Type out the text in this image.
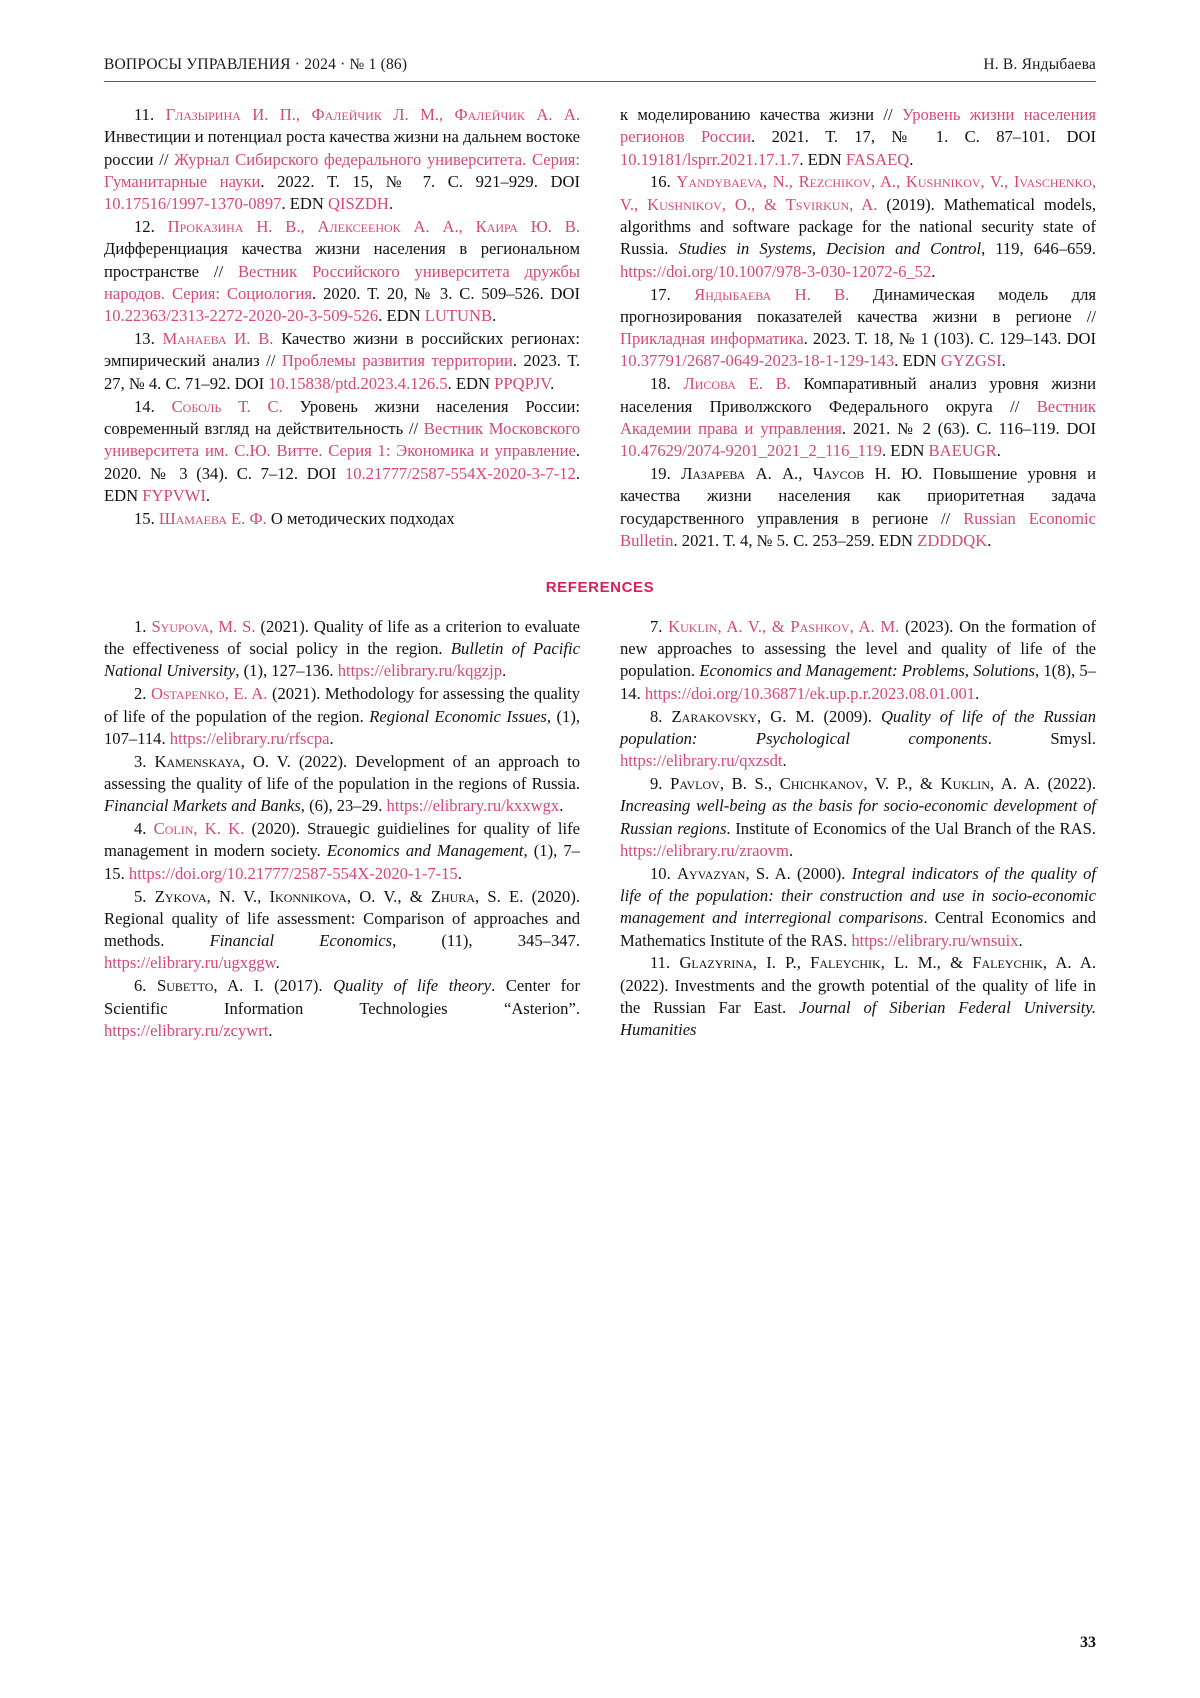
ВОПРОСЫ УПРАВЛЕНИЯ · 2024 · № 1 (86)	Н. В. Яндыбаева

11. Глазырина И. П., Фалейчик Л. М., Фалейчик А. А. Инвестиции и потенциал роста качества жизни на дальнем востоке россии // Журнал Сибирского федерального университета. Серия: Гуманитарные науки. 2022. Т. 15, № 7. С. 921–929. DOI 10.17516/1997-1370-0897. EDN QISZDH.

12. Проказина Н. В., Алексеенок А. А., Каира Ю. В. Дифференциация качества жизни населения в региональном пространстве // Вестник Российского университета дружбы народов. Серия: Социология. 2020. Т. 20, № 3. С. 509–526. DOI 10.22363/2313-2272-2020-20-3-509-526. EDN LUTUNB.

13. Манаева И. В. Качество жизни в российских регионах: эмпирический анализ // Проблемы развития территории. 2023. Т. 27, № 4. С. 71–92. DOI 10.15838/ptd.2023.4.126.5. EDN PPQPJV.

14. Соболь Т. С. Уровень жизни населения России: современный взгляд на действительность // Вестник Московского университета им. С.Ю. Витте. Серия 1: Экономика и управление. 2020. № 3 (34). С. 7–12. DOI 10.21777/2587-554X-2020-3-7-12. EDN FYPVWI.

15. Шамаева Е. Ф. О методических подходах

к моделированию качества жизни // Уровень жизни населения регионов России. 2021. Т. 17, № 1. С. 87–101. DOI 10.19181/lsprr.2021.17.1.7. EDN FASAEQ.

16. Yandybaeva, N., Rezchikov, A., Kushnikov, V., Ivaschenko, V., Kushnikov, O., & Tsvirkun, A. (2019). Mathematical models, algorithms and software package for the national security state of Russia. Studies in Systems, Decision and Control, 119, 646–659. https://doi.org/10.1007/978-3-030-12072-6_52.

17. Яндыбаева Н. В. Динамическая модель для прогнозирования показателей качества жизни в регионе // Прикладная информатика. 2023. Т. 18, № 1 (103). С. 129–143. DOI 10.37791/2687-0649-2023-18-1-129-143. EDN GYZGSI.

18. Лисова Е. В. Компаративный анализ уровня жизни населения Приволжского Федерального округа // Вестник Академии права и управления. 2021. № 2 (63). С. 116–119. DOI 10.47629/2074-9201_2021_2_116_119. EDN BAEUGR.

19. Лазарева А. А., Чаусов Н. Ю. Повышение уровня и качества жизни населения как приоритетная задача государственного управления в регионе // Russian Economic Bulletin. 2021. Т. 4, № 5. С. 253–259. EDN ZDDDQK.

REFERENCES

1. Syupova, M. S. (2021). Quality of life as a criterion to evaluate the effectiveness of social policy in the region. Bulletin of Pacific National University, (1), 127–136. https://elibrary.ru/kqgzjp.

2. Ostapenko, E. A. (2021). Methodology for assessing the quality of life of the population of the region. Regional Economic Issues, (1), 107–114. https://elibrary.ru/rfscpa.

3. Kamenskaya, O. V. (2022). Development of an approach to assessing the quality of life of the population in the regions of Russia. Financial Markets and Banks, (6), 23–29. https://elibrary.ru/kxxwgx.

4. Colin, K. K. (2020). Strauegic guidielines for quality of life management in modern society. Economics and Management, (1), 7–15. https://doi.org/10.21777/2587-554X-2020-1-7-15.

5. Zykova, N. V., Ikonnikova, O. V., & Zhura, S. E. (2020). Regional quality of life assessment: Comparison of approaches and methods. Financial Economics, (11), 345–347. https://elibrary.ru/ugxggw.

6. Subetto, A. I. (2017). Quality of life theory. Center for Scientific Information Technologies “Asterion”. https://elibrary.ru/zcywrt.

7. Kuklin, A. V., & Pashkov, A. M. (2023). On the formation of new approaches to assessing the level and quality of life of the population. Economics and Management: Problems, Solutions, 1(8), 5–14. https://doi.org/10.36871/ek.up.p.r.2023.08.01.001.

8. Zarakovsky, G. M. (2009). Quality of life of the Russian population: Psychological components. Smysl. https://elibrary.ru/qxzsdt.

9. Pavlov, B. S., Chichkanov, V. P., & Kuklin, A. A. (2022). Increasing well-being as the basis for socio-economic development of Russian regions. Institute of Economics of the Ual Branch of the RAS. https://elibrary.ru/zraovm.

10. Ayvazyan, S. A. (2000). Integral indicators of the quality of life of the population: their construction and use in socio-economic management and interregional comparisons. Central Economics and Mathematics Institute of the RAS. https://elibrary.ru/wnsuix.

11. Glazyrina, I. P., Faleychik, L. M., & Faleychik, A. A. (2022). Investments and the growth potential of the quality of life in the Russian Far East. Journal of Siberian Federal University. Humanities

33
